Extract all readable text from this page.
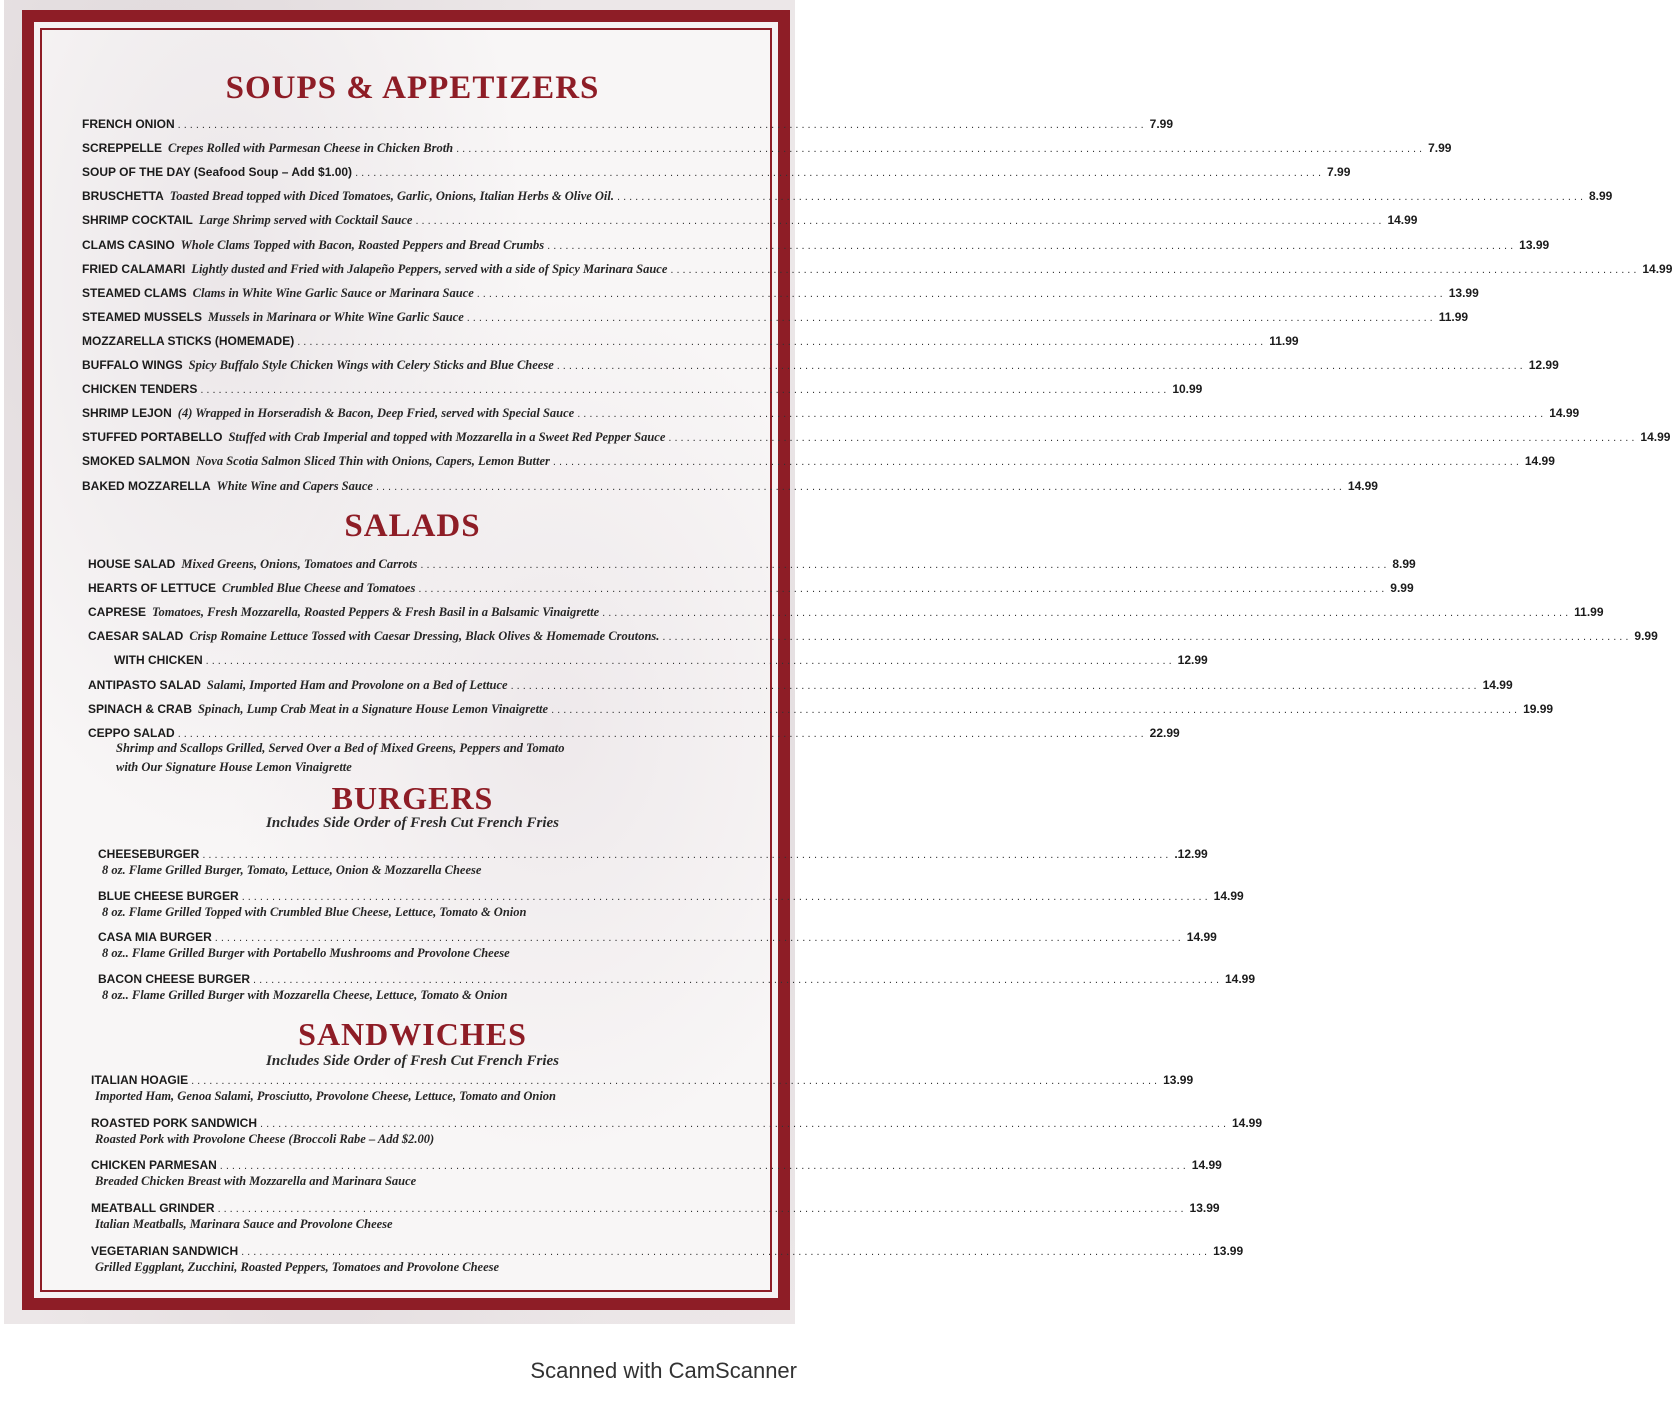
SOUPS & APPETIZERS
SALADS
BURGERS
Includes Side Order of Fresh Cut French Fries
SANDWICHES
Includes Side Order of Fresh Cut French Fries
Shrimp and Scallops Grilled, Served Over a Bed of Mixed Greens, Peppers and Tomato
with Our Signature House Lemon Vinaigrette
FRENCH ONION ................................................................................................................................................................ 7.99
SCREPPELLE Crepes Rolled with Parmesan Cheese in Chicken Broth ................................................................................................................................................................ 7.99
SOUP OF THE DAY (Seafood Soup – Add $1.00) ................................................................................................................................................................ 7.99
BRUSCHETTA Toasted Bread topped with Diced Tomatoes, Garlic, Onions, Italian Herbs & Olive Oil. ................................................................................................................................................................ 8.99
SHRIMP COCKTAIL Large Shrimp served with Cocktail Sauce ................................................................................................................................................................ 14.99
CLAMS CASINO Whole Clams Topped with Bacon, Roasted Peppers and Bread Crumbs ................................................................................................................................................................ 13.99
FRIED CALAMARI Lightly dusted and Fried with Jalapeño Peppers, served with a side of Spicy Marinara Sauce ................................................................................................................................................................ 14.99
STEAMED CLAMS Clams in White Wine Garlic Sauce or Marinara Sauce ................................................................................................................................................................ 13.99
STEAMED MUSSELS Mussels in Marinara or White Wine Garlic Sauce ................................................................................................................................................................ 11.99
MOZZARELLA STICKS (HOMEMADE) ................................................................................................................................................................ 11.99
BUFFALO WINGS Spicy Buffalo Style Chicken Wings with Celery Sticks and Blue Cheese ................................................................................................................................................................ 12.99
CHICKEN TENDERS ................................................................................................................................................................ 10.99
SHRIMP LEJON (4) Wrapped in Horseradish & Bacon, Deep Fried, served with Special Sauce ................................................................................................................................................................ 14.99
STUFFED PORTABELLO Stuffed with Crab Imperial and topped with Mozzarella in a Sweet Red Pepper Sauce ................................................................................................................................................................ 14.99
SMOKED SALMON Nova Scotia Salmon Sliced Thin with Onions, Capers, Lemon Butter ................................................................................................................................................................ 14.99
BAKED MOZZARELLA White Wine and Capers Sauce ................................................................................................................................................................ 14.99
HOUSE SALAD Mixed Greens, Onions, Tomatoes and Carrots ................................................................................................................................................................ 8.99
HEARTS OF LETTUCE Crumbled Blue Cheese and Tomatoes ................................................................................................................................................................ 9.99
CAPRESE Tomatoes, Fresh Mozzarella, Roasted Peppers & Fresh Basil in a Balsamic Vinaigrette ................................................................................................................................................................ 11.99
CAESAR SALAD Crisp Romaine Lettuce Tossed with Caesar Dressing, Black Olives & Homemade Croutons. ................................................................................................................................................................ 9.99
WITH CHICKEN ................................................................................................................................................................ 12.99
ANTIPASTO SALAD Salami, Imported Ham and Provolone on a Bed of Lettuce ................................................................................................................................................................ 14.99
SPINACH & CRAB Spinach, Lump Crab Meat in a Signature House Lemon Vinaigrette ................................................................................................................................................................ 19.99
CEPPO SALAD ................................................................................................................................................................ 22.99
CHEESEBURGER ................................................................................................................................................................ .12.99
8 oz. Flame Grilled Burger, Tomato, Lettuce, Onion & Mozzarella Cheese
BLUE CHEESE BURGER ................................................................................................................................................................ 14.99
8 oz. Flame Grilled Topped with Crumbled Blue Cheese, Lettuce, Tomato & Onion
CASA MIA BURGER ................................................................................................................................................................ 14.99
8 oz.. Flame Grilled Burger with Portabello Mushrooms and Provolone Cheese
BACON CHEESE BURGER ................................................................................................................................................................ 14.99
8 oz.. Flame Grilled Burger with Mozzarella Cheese, Lettuce, Tomato & Onion
ITALIAN HOAGIE ................................................................................................................................................................ 13.99
Imported Ham, Genoa Salami, Prosciutto, Provolone Cheese, Lettuce, Tomato and Onion
ROASTED PORK SANDWICH ................................................................................................................................................................ 14.99
Roasted Pork with Provolone Cheese (Broccoli Rabe – Add $2.00)
CHICKEN PARMESAN ................................................................................................................................................................ 14.99
Breaded Chicken Breast with Mozzarella and Marinara Sauce
MEATBALL GRINDER ................................................................................................................................................................ 13.99
Italian Meatballs, Marinara Sauce and Provolone Cheese
VEGETARIAN SANDWICH ................................................................................................................................................................ 13.99
Grilled Eggplant, Zucchini, Roasted Peppers, Tomatoes and Provolone Cheese
Scanned with CamScanner
